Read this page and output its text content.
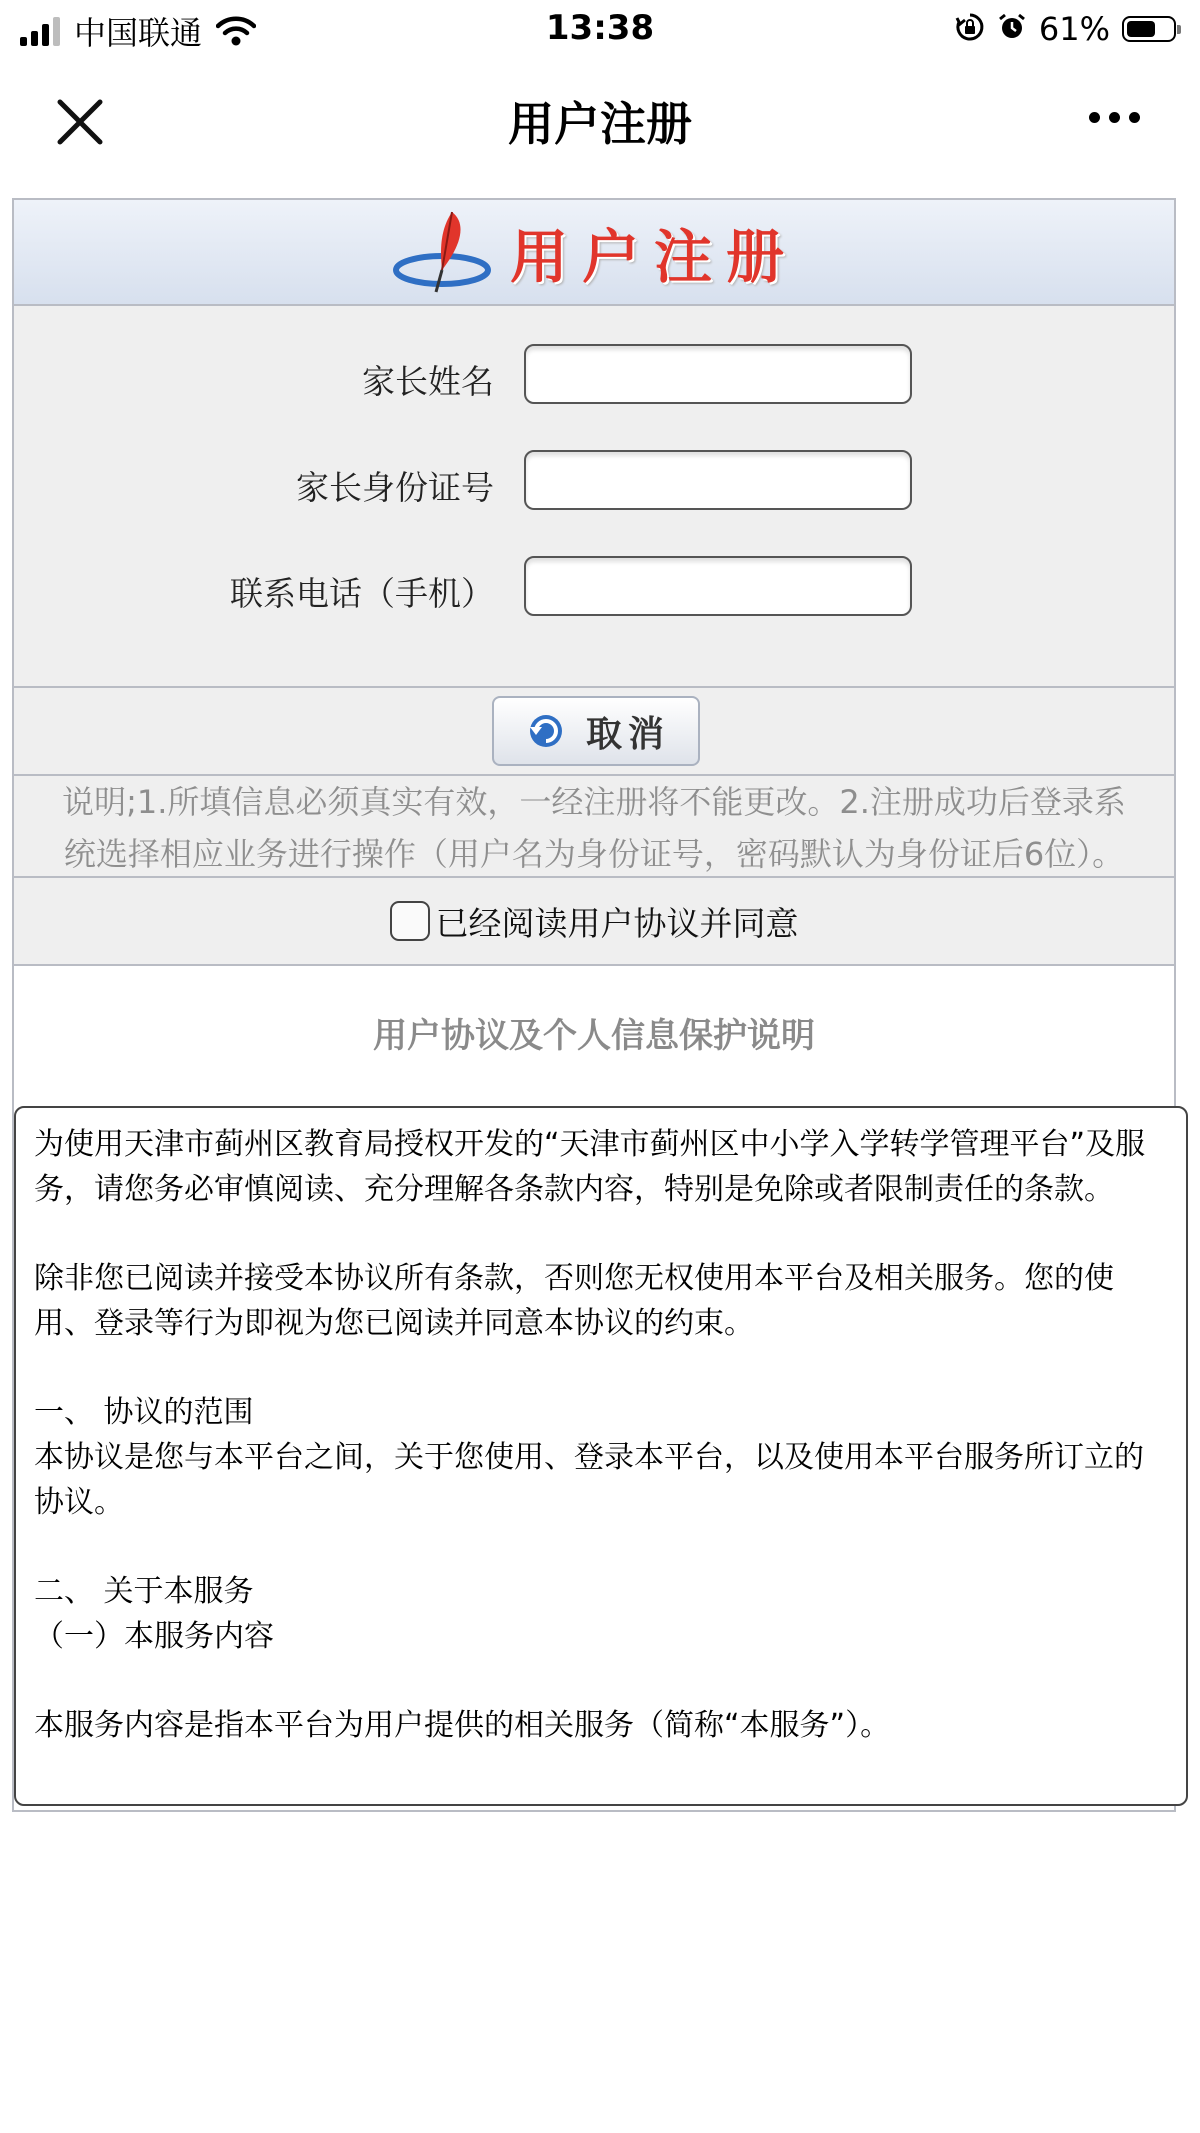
中国联通	13:38	61%
用户注册
用户注册
家长姓名
家长身份证号
联系电话（手机）
取消
说明;1.所填信息必须真实有效，一经注册将不能更改。2.注册成功后登录系
统选择相应业务进行操作（用户名为身份证号，密码默认为身份证后6位）。
已经阅读用户协议并同意
用户协议及个人信息保护说明

为使用天津市蓟州区教育局授权开发的“天津市蓟州区中小学入学转学管理平台”及服务，请您务必审慎阅读、充分理解各条款内容，特别是免除或者限制责任的条款。

除非您已阅读并接受本协议所有条款，否则您无权使用本平台及相关服务。您的使用、登录等行为即视为您已阅读并同意本协议的约束。

一、 协议的范围

本协议是您与本平台之间，关于您使用、登录本平台，以及使用本平台服务所订立的协议。

二、 关于本服务

（一）本服务内容

本服务内容是指本平台为用户提供的相关服务（简称“本服务”）。
